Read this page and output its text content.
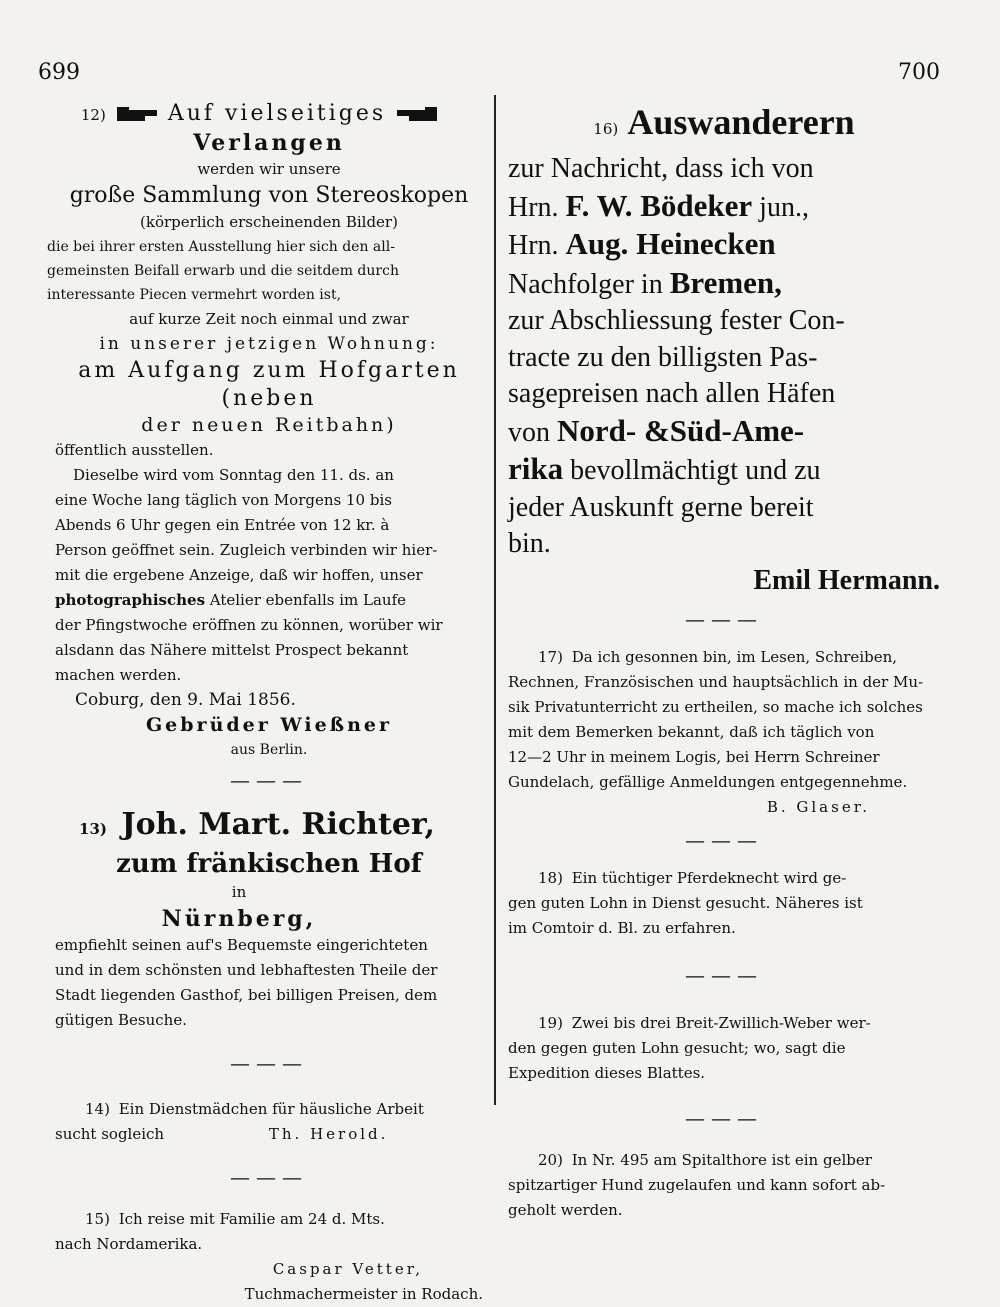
699	700

12)	Auf vielseitiges

Verlangen

werden wir unsere

große Sammlung von Stereoskopen

(körperlich erscheinenden Bilder)

die bei ihrer ersten Ausstellung hier sich den all-

gemeinsten Beifall erwarb und die seitdem durch

interessante Piecen vermehrt worden ist,

auf kurze Zeit noch einmal und zwar

in unserer jetzigen Wohnung:

am Aufgang zum Hofgarten (neben

der neuen Reitbahn)

öffentlich ausstellen.

Dieselbe wird vom Sonntag den 11. ds. an

eine Woche lang täglich von Morgens 10 bis

Abends 6 Uhr gegen ein Entrée von 12 kr. à

Person geöffnet sein. Zugleich verbinden wir hier-

mit die ergebene Anzeige, daß wir hoffen, unser

photographisches Atelier ebenfalls im Laufe

der Pfingstwoche eröffnen zu können, worüber wir

alsdann das Nähere mittelst Prospect bekannt

machen werden.

Coburg, den 9. Mai 1856.

Gebrüder Wießner

aus Berlin.

———

13) Joh. Mart. Richter,

zum fränkischen Hof

in

Nürnberg,

empfiehlt seinen auf's Bequemste eingerichteten

und in dem schönsten und lebhaftesten Theile der

Stadt liegenden Gasthof, bei billigen Preisen, dem

gütigen Besuche.

———

14) Ein Dienstmädchen für häusliche Arbeit

sucht sogleich	Th. Herold.

———

15) Ich reise mit Familie am 24 d. Mts.

nach Nordamerika.

Caspar Vetter,

Tuchmachermeister in Rodach.

16) Auswanderern

zur Nachricht, dass ich von

Hrn. F. W. Bödeker jun.,

Hrn. Aug. Heinecken

Nachfolger in Bremen,

zur Abschliessung fester Con-

tracte zu den billigsten Pas-

sagepreisen nach allen Häfen

von Nord- &Süd-Ame-

rika bevollmächtigt und zu

jeder Auskunft gerne bereit

bin.

Emil Hermann.

———

17) Da ich gesonnen bin, im Lesen, Schreiben,

Rechnen, Französischen und hauptsächlich in der Mu-

sik Privatunterricht zu ertheilen, so mache ich solches

mit dem Bemerken bekannt, daß ich täglich von

12—2 Uhr in meinem Logis, bei Herrn Schreiner

Gundelach, gefällige Anmeldungen entgegennehme.

B. Glaser.

———

18) Ein tüchtiger Pferdeknecht wird ge-

gen guten Lohn in Dienst gesucht. Näheres ist

im Comtoir d. Bl. zu erfahren.

———

19) Zwei bis drei Breit-Zwillich-Weber wer-

den gegen guten Lohn gesucht; wo, sagt die

Expedition dieses Blattes.

———

20) In Nr. 495 am Spitalthore ist ein gelber

spitzartiger Hund zugelaufen und kann sofort ab-

geholt werden.
